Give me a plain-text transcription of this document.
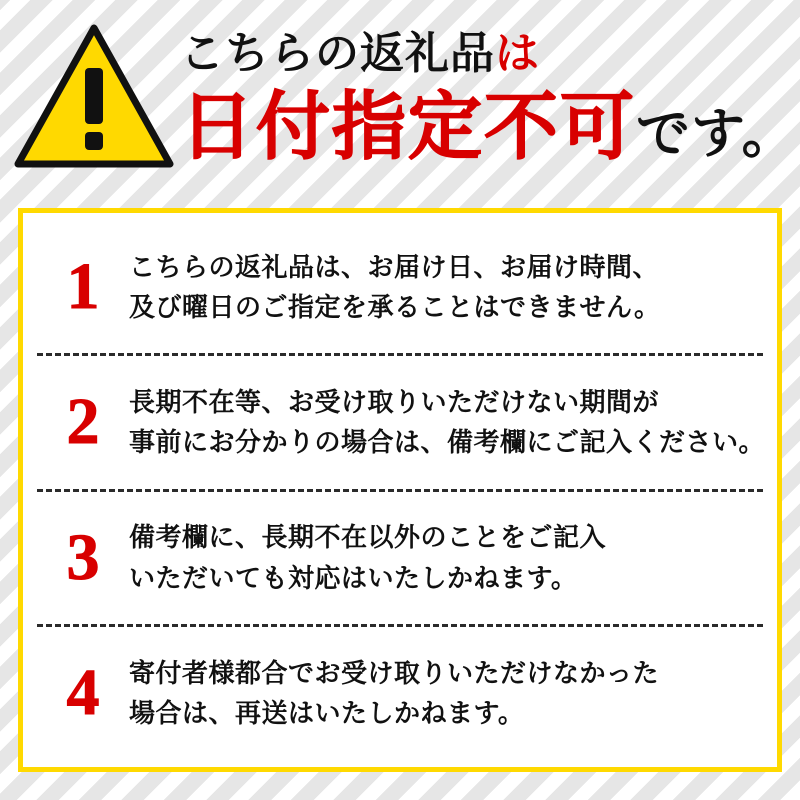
こちらの返礼品は
日付指定不可です。
1	こちらの返礼品は、お届け日、お届け時間、
及び曜日のご指定を承ることはできません。
2	長期不在等、お受け取りいただけない期間が
事前にお分かりの場合は、備考欄にご記入ください。
3	備考欄に、長期不在以外のことをご記入
いただいても対応はいたしかねます。
4	寄付者様都合でお受け取りいただけなかった
場合は、再送はいたしかねます。
